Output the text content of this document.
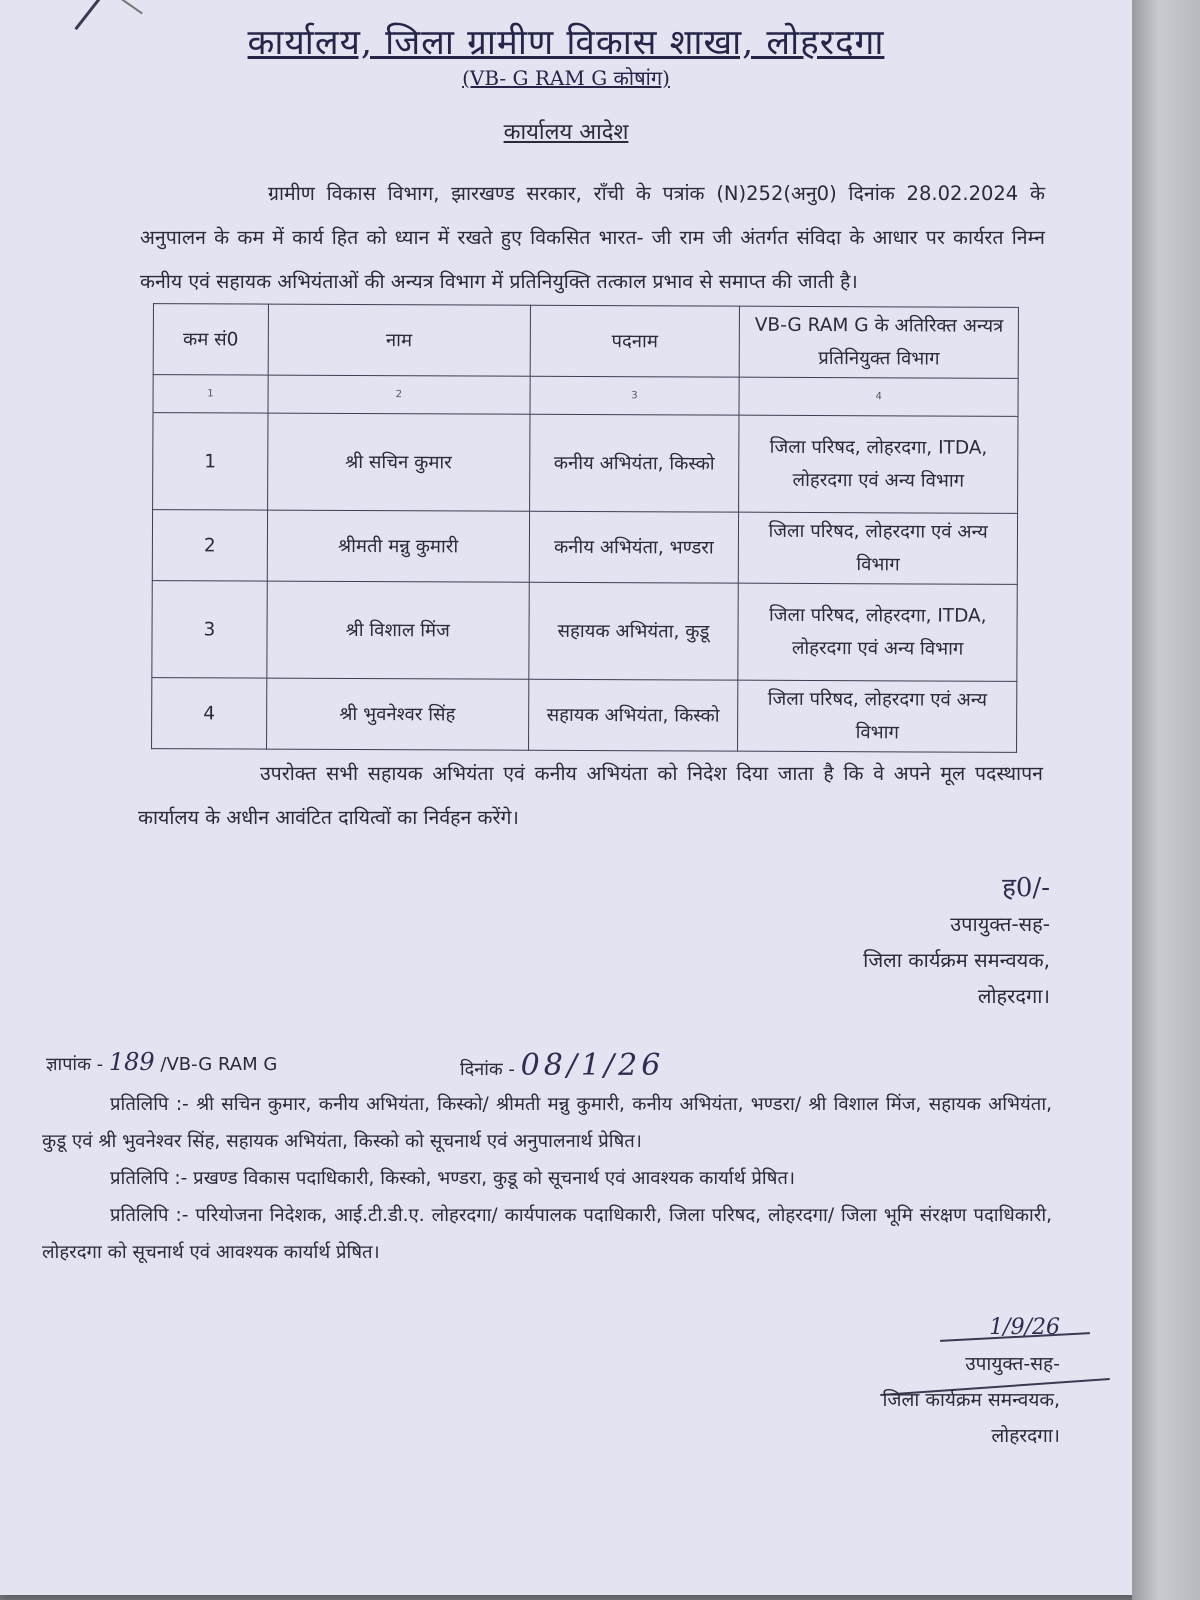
कार्यालय, जिला ग्रामीण विकास शाखा, लोहरदगा
(VB- G RAM G कोषांग)
कार्यालय आदेश
ग्रामीण विकास विभाग, झारखण्ड सरकार, राँची के पत्रांक (N)252(अनु0) दिनांक 28.02.2024 के अनुपालन के कम में कार्य हित को ध्यान में रखते हुए विकसित भारत- जी राम जी अंतर्गत संविदा के आधार पर कार्यरत निम्न कनीय एवं सहायक अभियंताओं की अन्यत्र विभाग में प्रतिनियुक्ति तत्काल प्रभाव से समाप्त की जाती है।
कम सं0	नाम	पदनाम	VB-G RAM G के अतिरिक्त अन्यत्र प्रतिनियुक्त विभाग
1	2	3	4
1	श्री सचिन कुमार	कनीय अभियंता, किस्को	जिला परिषद, लोहरदगा, ITDA, लोहरदगा एवं अन्य विभाग
2	श्रीमती मन्नु कुमारी	कनीय अभियंता, भण्डरा	जिला परिषद, लोहरदगा एवं अन्य विभाग
3	श्री विशाल मिंज	सहायक अभियंता, कुडू	जिला परिषद, लोहरदगा, ITDA, लोहरदगा एवं अन्य विभाग
4	श्री भुवनेश्वर सिंह	सहायक अभियंता, किस्को	जिला परिषद, लोहरदगा एवं अन्य विभाग
उपरोक्त सभी सहायक अभियंता एवं कनीय अभियंता को निदेश दिया जाता है कि वे अपने मूल पदस्थापन कार्यालय के अधीन आवंटित दायित्वों का निर्वहन करेंगे।
ह0/-
उपायुक्त-सह-
जिला कार्यक्रम समन्वयक,
लोहरदगा।
ज्ञापांक - 189 /VB-G RAM G	दिनांक - 08/1/26

प्रतिलिपि :- श्री सचिन कुमार, कनीय अभियंता, किस्को/ श्रीमती मन्नु कुमारी, कनीय अभियंता, भण्डरा/ श्री विशाल मिंज, सहायक अभियंता, कुडू एवं श्री भुवनेश्वर सिंह, सहायक अभियंता, किस्को को सूचनार्थ एवं अनुपालनार्थ प्रेषित।

प्रतिलिपि :- प्रखण्ड विकास पदाधिकारी, किस्को, भण्डरा, कुडू को सूचनार्थ एवं आवश्यक कार्यार्थ प्रेषित।

प्रतिलिपि :- परियोजना निदेशक, आई.टी.डी.ए. लोहरदगा/ कार्यपालक पदाधिकारी, जिला परिषद, लोहरदगा/ जिला भूमि संरक्षण पदाधिकारी, लोहरदगा को सूचनार्थ एवं आवश्यक कार्यार्थ प्रेषित।

1/9/26
उपायुक्त-सह-
जिला कार्यक्रम समन्वयक,
लोहरदगा।
